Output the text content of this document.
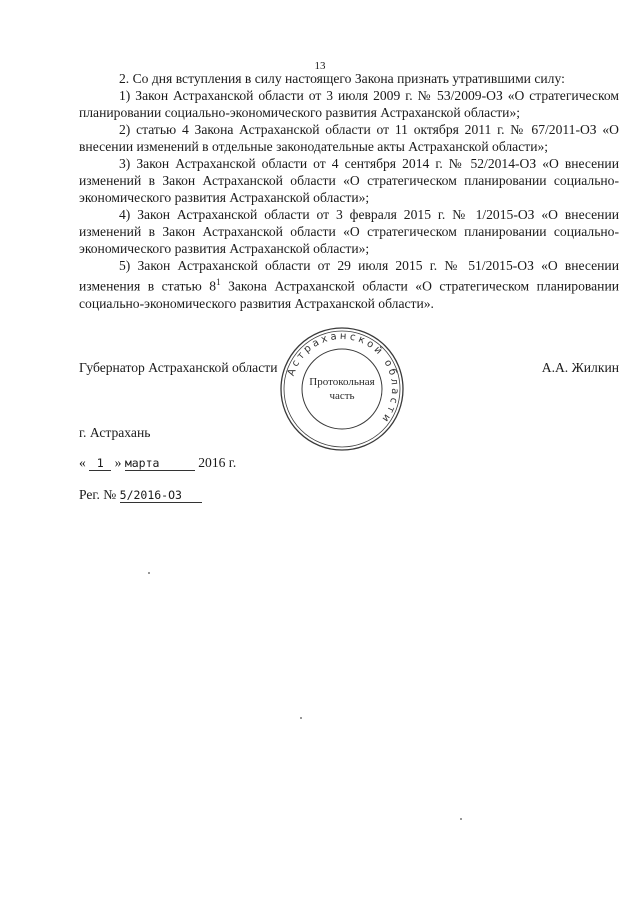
13

2. Со дня вступления в силу настоящего Закона признать утратившими силу:

1) Закон Астраханской области от 3 июля 2009 г. № 53/2009-ОЗ «О стратегическом планировании социально-экономического развития Астраханской области»;

2) статью 4 Закона Астраханской области от 11 октября 2011 г. № 67/2011-ОЗ «О внесении изменений в отдельные законодательные акты Астраханской области»;

3) Закон Астраханской области от 4 сентября 2014 г. № 52/2014-ОЗ «О внесении изменений в Закон Астраханской области «О стратегическом планировании социально-экономического развития Астраханской области»;

4) Закон Астраханской области от 3 февраля 2015 г. № 1/2015-ОЗ «О внесении изменений в Закон Астраханской области «О стратегическом планировании социально-экономического развития Астраханской области»;

5) Закон Астраханской области от 29 июля 2015 г. № 51/2015-ОЗ «О внесении изменения в статью $8^1$ Закона Астраханской области «О стратегическом планировании социально-экономического развития Астраханской области».

Астраханской области
Протокольная
часть
Губернатор Астраханской области	А.А. Жилкин
г. Астрахань
« 1 » марта	2016 г.
Рег. № 5/2016-ОЗ
